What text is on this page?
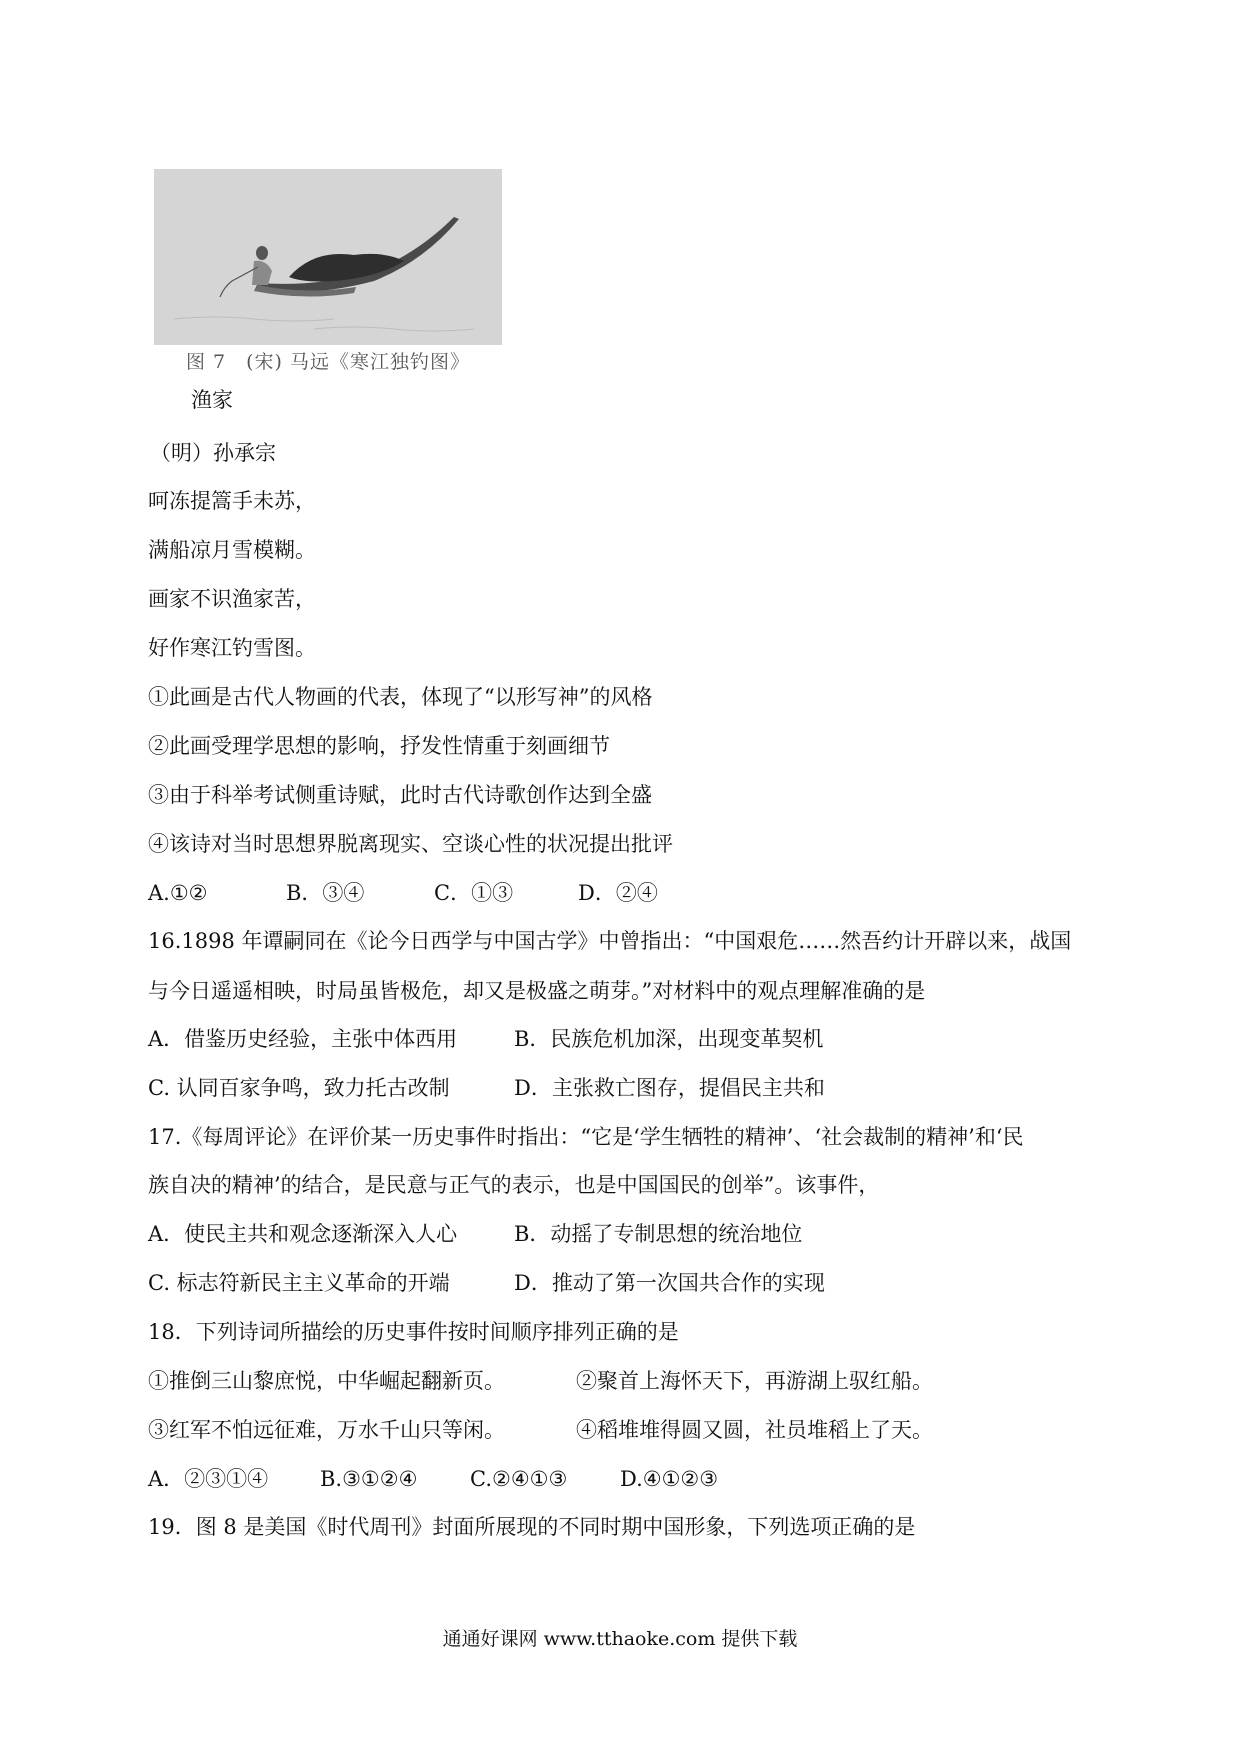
图 7　(宋) 马远《寒江独钓图》
渔家
（明）孙承宗
呵冻提篙手未苏，
满船凉月雪模糊。
画家不识渔家苦，
好作寒江钓雪图。
①此画是古代人物画的代表，体现了“以形写神”的风格
②此画受理学思想的影响，抒发性情重于刻画细节
③由于科举考试侧重诗赋，此时古代诗歌创作达到全盛
④该诗对当时思想界脱离现实、空谈心性的状况提出批评
A.①②	B．③④	C．①③	D．②④
16.1898 年谭嗣同在《论今日西学与中国古学》中曾指出：“中国艰危……然吾约计开辟以来，战国
与今日遥遥相映，时局虽皆极危，却又是极盛之萌芽。”对材料中的观点理解准确的是
A．借鉴历史经验，主张中体西用	B．民族危机加深，出现变革契机
C. 认同百家争鸣，致力托古改制	D．主张救亡图存，提倡民主共和
17.《每周评论》在评价某一历史事件时指出：“它是‘学生牺牲的精神’、‘社会裁制的精神’和‘民
族自决的精神’的结合，是民意与正气的表示，也是中国国民的创举”。该事件，
A．使民主共和观念逐渐深入人心	B．动摇了专制思想的统治地位
C. 标志符新民主主义革命的开端	D．推动了第一次国共合作的实现
18．下列诗词所描绘的历史事件按时间顺序排列正确的是
①推倒三山黎庶悦，中华崛起翻新页。	②聚首上海怀天下，再游湖上驭红船。
③红军不怕远征难，万水千山只等闲。	④稻堆堆得圆又圆，社员堆稻上了天。
A．②③①④ B.③①②④	C.②④①③	D.④①②③
19．图 8 是美国《时代周刊》封面所展现的不同时期中国形象，下列选项正确的是
通通好课网 www.tthaoke.com 提供下载
